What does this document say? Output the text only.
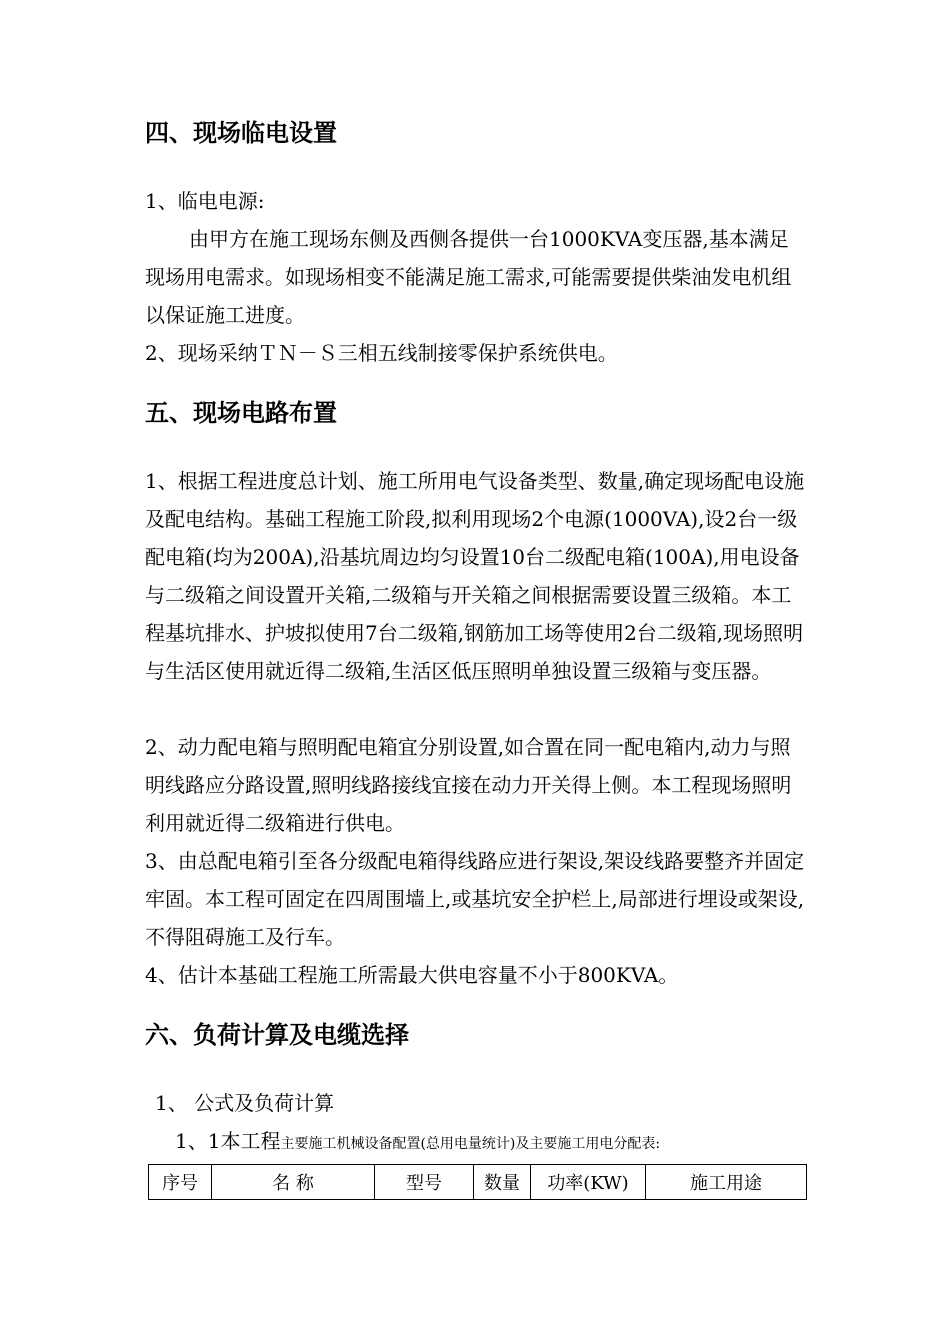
四、现场临电设置

1、临电电源:

由甲方在施工现场东侧及西侧各提供一台1000KVA变压器,基本满足现场用电需求。如现场相变不能满足施工需求,可能需要提供柴油发电机组以保证施工进度。

2、现场采纳ＴＮ－Ｓ三相五线制接零保护系统供电。

五、现场电路布置

1、根据工程进度总计划、施工所用电气设备类型、数量,确定现场配电设施及配电结构。基础工程施工阶段,拟利用现场2个电源(1000VA),设2台一级配电箱(均为200A),沿基坑周边均匀设置10台二级配电箱(100A),用电设备与二级箱之间设置开关箱,二级箱与开关箱之间根据需要设置三级箱。本工程基坑排水、护坡拟使用7台二级箱,钢筋加工场等使用2台二级箱,现场照明与生活区使用就近得二级箱,生活区低压照明单独设置三级箱与变压器。

2、动力配电箱与照明配电箱宜分别设置,如合置在同一配电箱内,动力与照明线路应分路设置,照明线路接线宜接在动力开关得上侧。本工程现场照明利用就近得二级箱进行供电。

3、由总配电箱引至各分级配电箱得线路应进行架设,架设线路要整齐并固定牢固。本工程可固定在四周围墙上,或基坑安全护栏上,局部进行埋设或架设,不得阻碍施工及行车。

4、估计本基础工程施工所需最大供电容量不小于800KVA。

六、负荷计算及电缆选择

1、 公式及负荷计算

1、1本工程主要施工机械设备配置(总用电量统计)及主要施工用电分配表:

序号	名 称	型号	数量	功率(KW)	施工用途
